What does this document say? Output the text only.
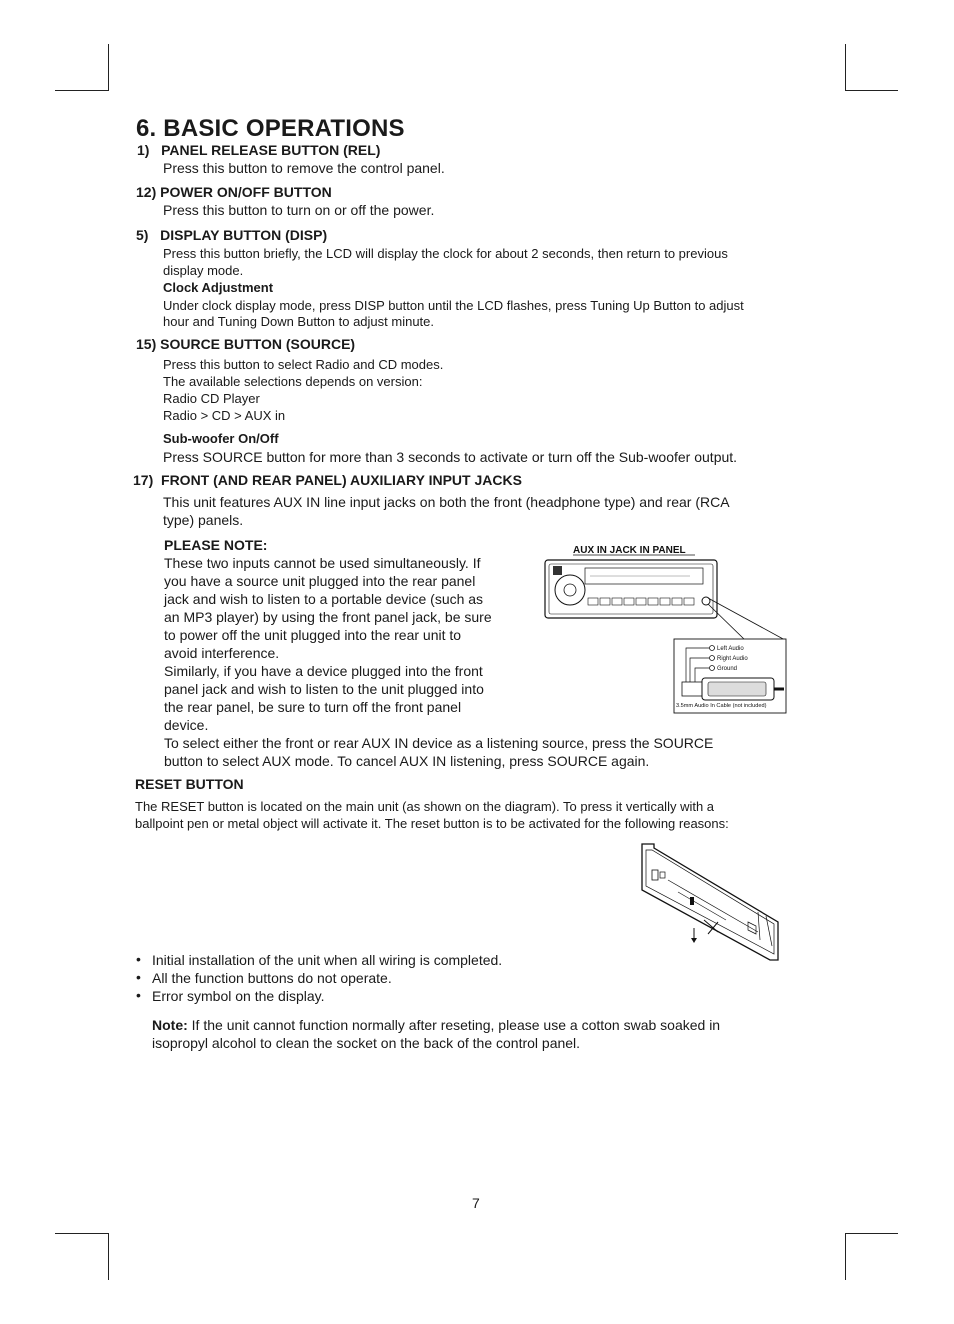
6. BASIC OPERATIONS
1)   PANEL RELEASE BUTTON (REL)
Press this button to remove the control panel.
12) POWER ON/OFF BUTTON
Press this button to turn on or off the power.
5)   DISPLAY BUTTON (DISP)
Press this button briefly, the LCD will display the clock for about 2 seconds, then return to previous
display mode.
Clock Adjustment
Under clock display mode, press DISP button until the LCD flashes, press Tuning Up Button to adjust
hour and Tuning Down Button to adjust minute.
15) SOURCE BUTTON (SOURCE)
Press this button to select Radio and CD modes.
The available selections depends on version:
Radio CD Player
Radio > CD > AUX in
Sub-woofer On/Off
Press SOURCE button for more than 3 seconds to activate or turn off the Sub-woofer output.
17)  FRONT (AND REAR PANEL) AUXILIARY INPUT JACKS
This unit features AUX IN line input jacks on both the front (headphone type) and rear (RCA
type) panels.
PLEASE NOTE:
These two inputs cannot be used simultaneously. If
you have a source unit plugged into the rear panel
jack and wish to listen to a portable device (such as
an MP3 player) by using the front panel jack, be sure
to power off the unit plugged into the rear unit to
avoid interference.
Similarly, if you have a device plugged into the front
panel jack and wish to listen to the unit plugged into
the rear panel, be sure to turn off the front panel
device.
To select either the front or rear AUX IN device as a listening source, press the SOURCE
button to select AUX mode. To cancel AUX IN listening, press SOURCE again.
AUX IN JACK IN PANEL
Left Audio
Right Audio
Ground
3.5mm Audio In Cable (not included)
RESET BUTTON
The RESET button is located on the main unit (as shown on the diagram). To press it vertically with a
ballpoint pen or metal object will activate it. The reset button is to be activated for the following reasons:
• Initial installation of the unit when all wiring is completed.
• All the function buttons do not operate.
• Error symbol on the display.
Note: If the unit cannot function normally after reseting, please use a cotton swab soaked in
isopropyl alcohol to clean the socket on the back of the control panel.
7
